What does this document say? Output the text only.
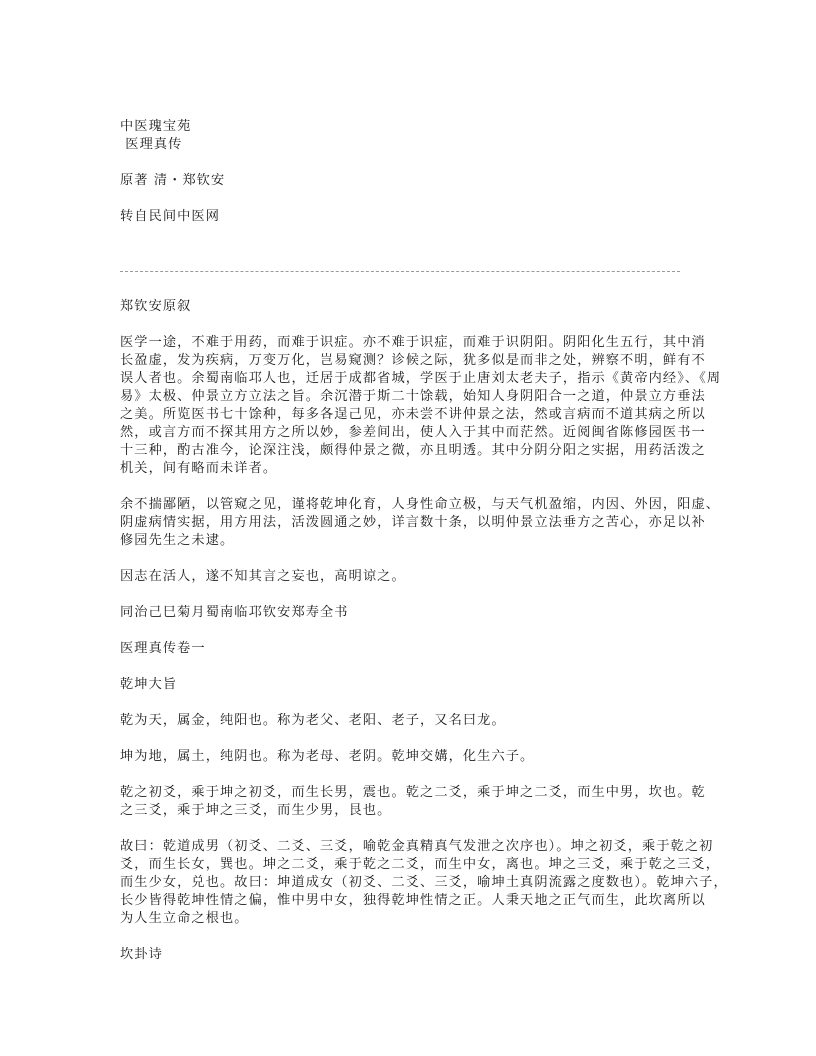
中医瑰宝苑
医理真传
原著 清・郑钦安
转自民间中医网
郑钦安原叙
医学一途，不难于用药，而难于识症。亦不难于识症，而难于识阴阳。阴阳化生五行，其中消
长盈虚，发为疾病，万变万化，岂易窥测？诊候之际，犹多似是而非之处，辨察不明，鲜有不
误人者也。余蜀南临邛人也，迁居于成都省城，学医于止唐刘太老夫子，指示《黄帝内经》、《周
易》太极、仲景立方立法之旨。余沉潜于斯二十馀载，始知人身阴阳合一之道，仲景立方垂法
之美。所览医书七十馀种，每多各逞己见，亦未尝不讲仲景之法，然或言病而不道其病之所以
然，或言方而不探其用方之所以妙，参差间出，使人入于其中而茫然。近阅闽省陈修园医书一
十三种，酌古准今，论深注浅，颇得仲景之微，亦且明透。其中分阴分阳之实据，用药活泼之
机关，间有略而未详者。
余不揣鄙陋，以管窥之见，谨将乾坤化育，人身性命立极，与天气机盈缩，内因、外因，阳虚、
阴虚病情实据，用方用法，活泼圆通之妙，详言数十条，以明仲景立法垂方之苦心，亦足以补
修园先生之未逮。
因志在活人，遂不知其言之妄也，高明谅之。
同治己巳菊月蜀南临邛钦安郑寿全书
医理真传卷一
乾坤大旨
乾为天，属金，纯阳也。称为老父、老阳、老子，又名曰龙。
坤为地，属土，纯阴也。称为老母、老阴。乾坤交媾，化生六子。
乾之初爻，乘于坤之初爻，而生长男，震也。乾之二爻，乘于坤之二爻，而生中男，坎也。乾
之三爻，乘于坤之三爻，而生少男，艮也。
故曰：乾道成男（初爻、二爻、三爻，喻乾金真精真气发泄之次序也）。坤之初爻，乘于乾之初
爻，而生长女，巽也。坤之二爻，乘于乾之二爻，而生中女，离也。坤之三爻，乘于乾之三爻，
而生少女，兑也。故曰：坤道成女（初爻、二爻、三爻，喻坤土真阴流露之度数也）。乾坤六子，
长少皆得乾坤性情之偏，惟中男中女，独得乾坤性情之正。人秉天地之正气而生，此坎离所以
为人生立命之根也。
坎卦诗
